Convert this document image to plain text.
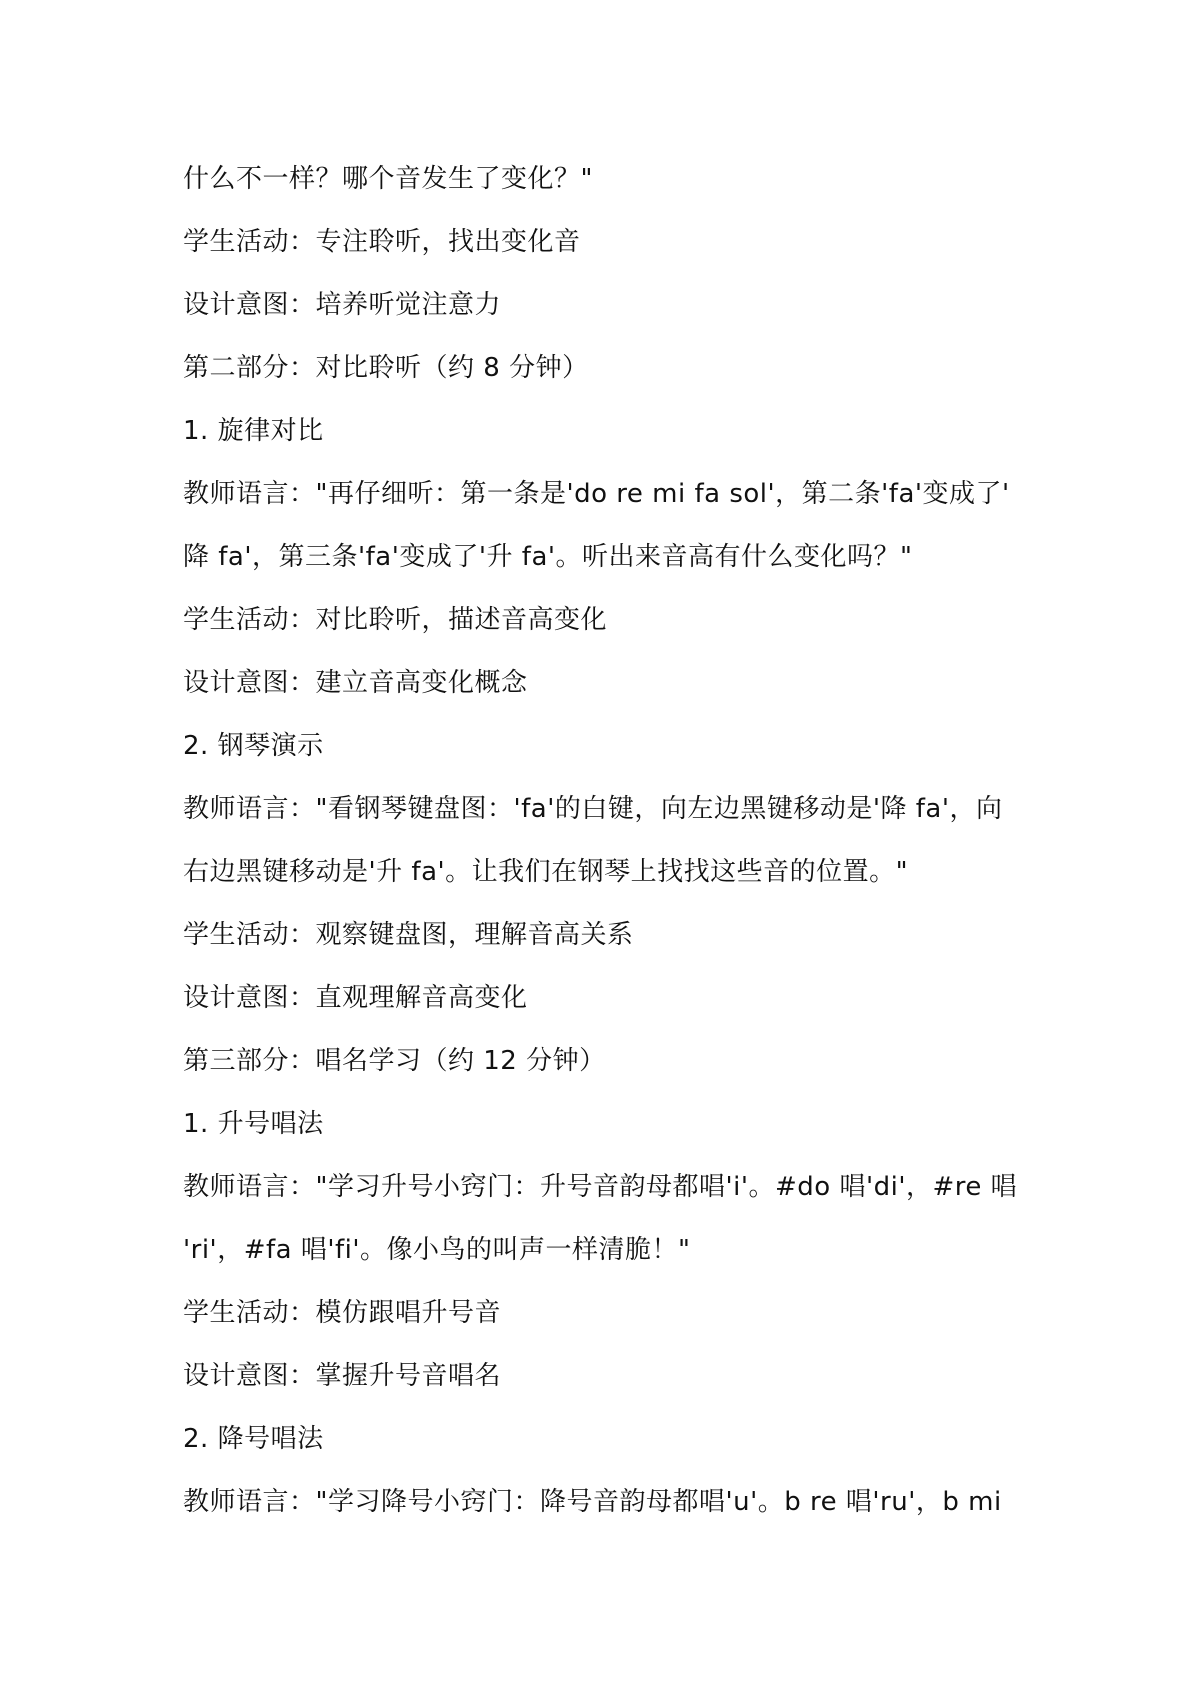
什么不一样？哪个音发生了变化？"
学生活动：专注聆听，找出变化音
设计意图：培养听觉注意力
第二部分：对比聆听（约 8 分钟）
1. 旋律对比
教师语言："再仔细听：第一条是'do re mi fa sol'，第二条'fa'变成了'
降 fa'，第三条'fa'变成了'升 fa'。听出来音高有什么变化吗？"
学生活动：对比聆听，描述音高变化
设计意图：建立音高变化概念
2. 钢琴演示
教师语言："看钢琴键盘图：'fa'的白键，向左边黑键移动是'降 fa'，向
右边黑键移动是'升 fa'。让我们在钢琴上找找这些音的位置。"
学生活动：观察键盘图，理解音高关系
设计意图：直观理解音高变化
第三部分：唱名学习（约 12 分钟）
1. 升号唱法
教师语言："学习升号小窍门：升号音韵母都唱'i'。#do 唱'di'，#re 唱
'ri'，#fa 唱'fi'。像小鸟的叫声一样清脆！"
学生活动：模仿跟唱升号音
设计意图：掌握升号音唱名
2. 降号唱法
教师语言："学习降号小窍门：降号音韵母都唱'u'。b re 唱'ru'，b mi
